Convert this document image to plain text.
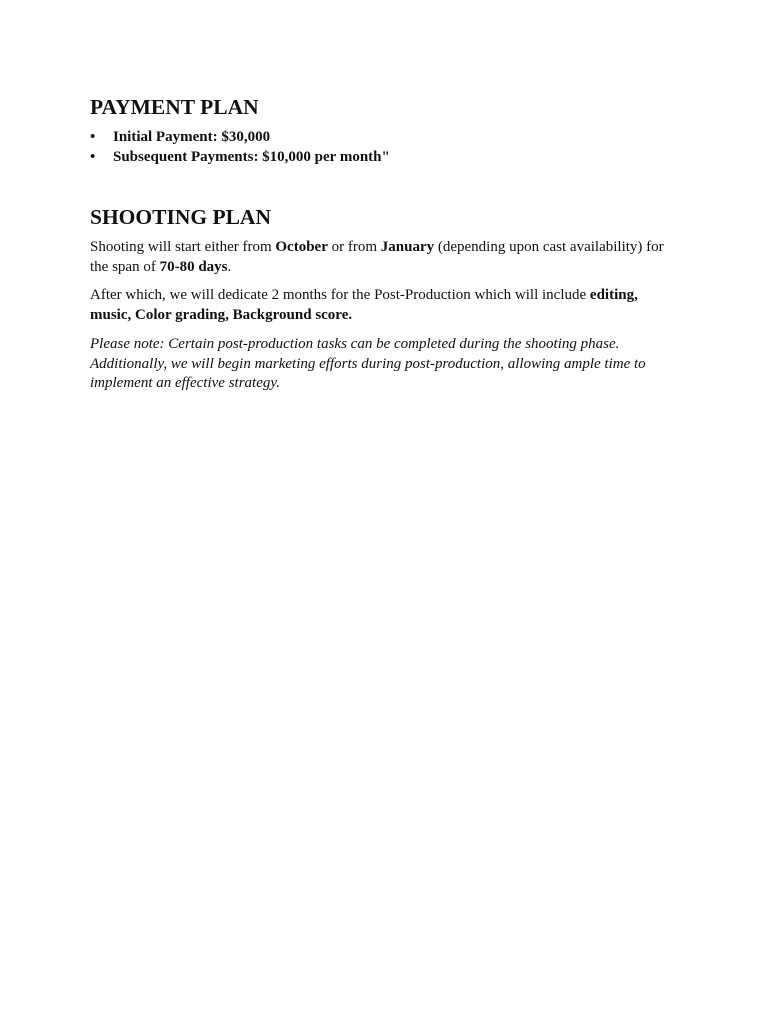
PAYMENT PLAN
•	Initial Payment: $30,000
•	Subsequent Payments: $10,000 per month"
SHOOTING PLAN

Shooting will start either from October or from January (depending upon cast availability) for the span of 70-80 days.

After which, we will dedicate 2 months for the Post-Production which will include editing, music, Color grading, Background score.

Please note: Certain post-production tasks can be completed during the shooting phase. Additionally, we will begin marketing efforts during post-production, allowing ample time to implement an effective strategy.
